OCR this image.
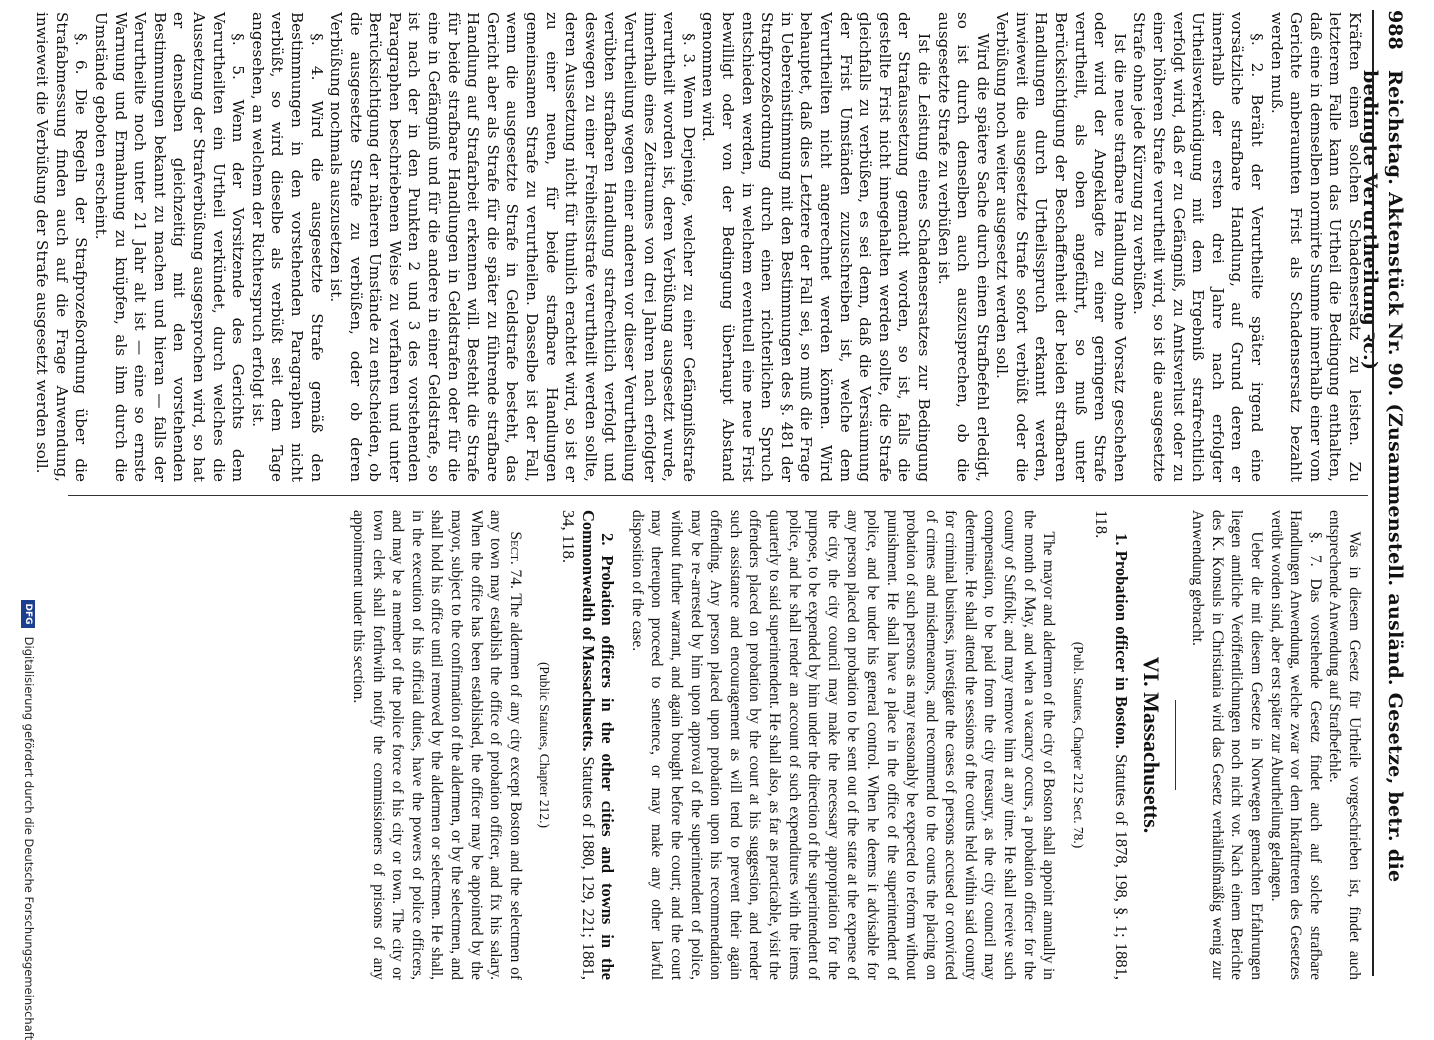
988
Reichstag. Aktenstück Nr. 90. (Zusammenstell. ausländ. Gesetze, betr. die bedingte Verurtheilung ꝛc.)

Kräften einen solchen Schadensersatz zu leisten. Zu letzterem Falle kann das Urtheil die Bedingung enthalten, daß eine in demselben normirte Summe innerhalb einer vom Gerichte anberaumten Frist als Schadensersatz bezahlt werden muß.

§. 2. Beräht der Verurtheilte später irgend eine vorsätzliche strafbare Handlung, auf Grund deren er innerhalb der ersten drei Jahre nach erfolgter Urtheilsverkündigung mit dem Ergebniß strafrechtlich verfolgt wird, daß er zu Gefängniß, zu Amtsverlust oder zu einer höheren Strafe verurtheilt wird, so ist die ausgesetzte Strafe ohne jede Kürzung zu verbüßen.

Ist die neue strafbare Handlung ohne Vorsatz geschehen oder wird der Angeklagte zu einer geringeren Strafe verurtheilt, als oben angeführt, so muß unter Berücksichtigung der Beschaffenheit der beiden strafbaren Handlungen durch Urtheilsspruch erkannt werden, inwieweit die ausgesetzte Strafe sofort verbüßt oder die Verbüßung noch weiter ausgesetzt werden soll.

Wird die spätere Sache durch einen Strafbefehl erledigt, so ist durch denselben auch auszusprechen, ob die ausgesetzte Strafe zu verbüßen ist.

Ist die Leistung eines Schadensersatzes zur Bedingung der Strafaussetzung gemacht worden, so ist, falls die gestellte Frist nicht innegehalten werden sollte, die Strafe gleichfalls zu verbüßen, es sei denn, daß die Versäumung der Frist Umständen zuzuschreiben ist, welche dem Verurtheilten nicht angerechnet werden können. Wird behauptet, daß dies Letztere der Fall sei, so muß die Frage in Uebereinstimmung mit den Bestimmungen des §. 481 der Strafprozeßordnung durch einen richterlichen Spruch entschieden werden, in welchem eventuell eine neue Frist bewilligt oder von der Bedingung überhaupt Abstand genommen wird.

§. 3. Wenn Derjenige, welcher zu einer Gefängnißstrafe verurtheilt worden ist, deren Verbüßung ausgesetzt wurde, innerhalb eines Zeitraumes von drei Jahren nach erfolgter Verurtheilung wegen einer anderen vor dieser Verurtheilung verübten strafbaren Handlung strafrechtlich verfolgt und deswegen zu einer Freiheitsstrafe verurtheilt werden sollte, deren Aussetzung nicht für thunlich erachtet wird, so ist er zu einer neuen, für beide strafbare Handlungen gemeinsamen Strafe zu verurtheilen. Dasselbe ist der Fall, wenn die ausgesetzte Strafe in Geldstrafe besteht, das Gericht aber als Strafe für die später zu führende strafbare Handlung auf Strafarbeit erkennen will. Besteht die Strafe für beide strafbare Handlungen in Geldstrafen oder für die eine in Gefängniß und für die andere in einer Geldstrafe, so ist nach der in den Punkten 2 und 3 des vorstehenden Paragraphen beschriebenen Weise zu verfahren und unter Berücksichtigung der näheren Umstände zu entscheiden, ob die ausgesetzte Strafe zu verbüßen, oder ob deren Verbüßung nochmals auszusetzen ist.

§. 4. Wird die ausgesetzte Strafe gemäß den Bestimmungen in den vorstehenden Paragraphen nicht verbüßt, so wird dieselbe als verbüßt seit dem Tage angesehen, an welchem der Richterspruch erfolgt ist.

§. 5. Wenn der Vorsitzende des Gerichts dem Verurtheilten ein Urtheil verkündet, durch welches die Aussetzung der Strafverbüßung ausgesprochen wird, so hat er denselben gleichzeitig mit den vorstehenden Bestimmungen bekannt zu machen und hieran — falls der Verurtheilte noch unter 21 Jahr alt ist — eine so ernste Warnung und Ermahnung zu knüpfen, als ihm durch die Umstände geboten erscheint.

§. 6. Die Regeln der Strafprozeßordnung über die Strafabmessung finden auch auf die Frage Anwendung, inwieweit die Verbüßung der Strafe ausgesetzt werden soll.

Was in diesem Gesetz für Urtheile vorgeschrieben ist, findet auch entsprechende Anwendung auf Strafbefehle.

§. 7. Das vorstehende Gesetz findet auch auf solche strafbare Handlungen Anwendung, welche zwar vor dem Inkrafttreten des Gesetzes verübt worden sind, aber erst später zur Aburtheilung gelangen.

Ueber die mit diesem Gesetze in Norwegen gemachten Erfahrungen liegen amtliche Veröffentlichungen noch nicht vor. Nach einem Berichte des K. Konsuls in Christiania wird das Gesetz verhältnißmäßig wenig zur Anwendung gebracht.

VI. Massachusetts.

1. Probation officer in Boston. Statutes of 1878, 198, §. 1; 1881, 118.

(Publ. Statutes, Chapter 212 Sect. 78.)

The mayor and aldermen of the city of Boston shall appoint annually in the month of May, and when a vacancy occurs, a probation officer for the county of Suffolk; and may remove him at any time. He shall receive such compensation, to be paid from the city treasury, as the city council may determine. He shall attend the sessions of the courts held within said county for criminal business, investigate the cases of persons accused or convicted of crimes and misdemeanors, and recommend to the courts the placing on probation of such persons as may reasonably be expected to reform without punishment. He shall have a place in the office of the superintendent of police, and be under his general control. When he deems it advisable for any person placed on probation to be sent out of the state at the expense of the city, the city council may make the necessary appropriation for the purpose, to be expended by him under the direction of the superintendent of police, and he shall render an account of such expenditures with the items quarterly to said superintendent. He shall also, as far as practicable, visit the offenders placed on probation by the court at his suggestion, and render such assistance and encouragement as will tend to prevent their again offending. Any person placed upon probation upon his recommendation may be re-arrested by him upon approval of the superintendent of police, without further warrant, and again brought before the court; and the court may thereupon proceed to sentence, or may make any other lawful disposition of the case.

2. Probation officers in the other cities and towns in the Commonwealth of Massachusetts. Statutes of 1880, 129, 221; 1881, 34, 118.

(Public Statutes, Chapter 212.)

Sect. 74. The aldermen of any city except Boston and the selectmen of any town may establish the office of probation officer, and fix his salary. When the office has been established, the officer may be appointed by the mayor, subject to the confirmation of the aldermen, or by the selectmen, and shall hold his office until removed by the aldermen or selectmen. He shall, in the execution of his official duties, have the powers of police officers, and may be a member of the police force of his city or town. The city or town clerk shall forthwith notify the commissioners of prisons of any appointment under this section.

DFG Digitalisierung gefördert durch die Deutsche Forschungsgemeinschaft
